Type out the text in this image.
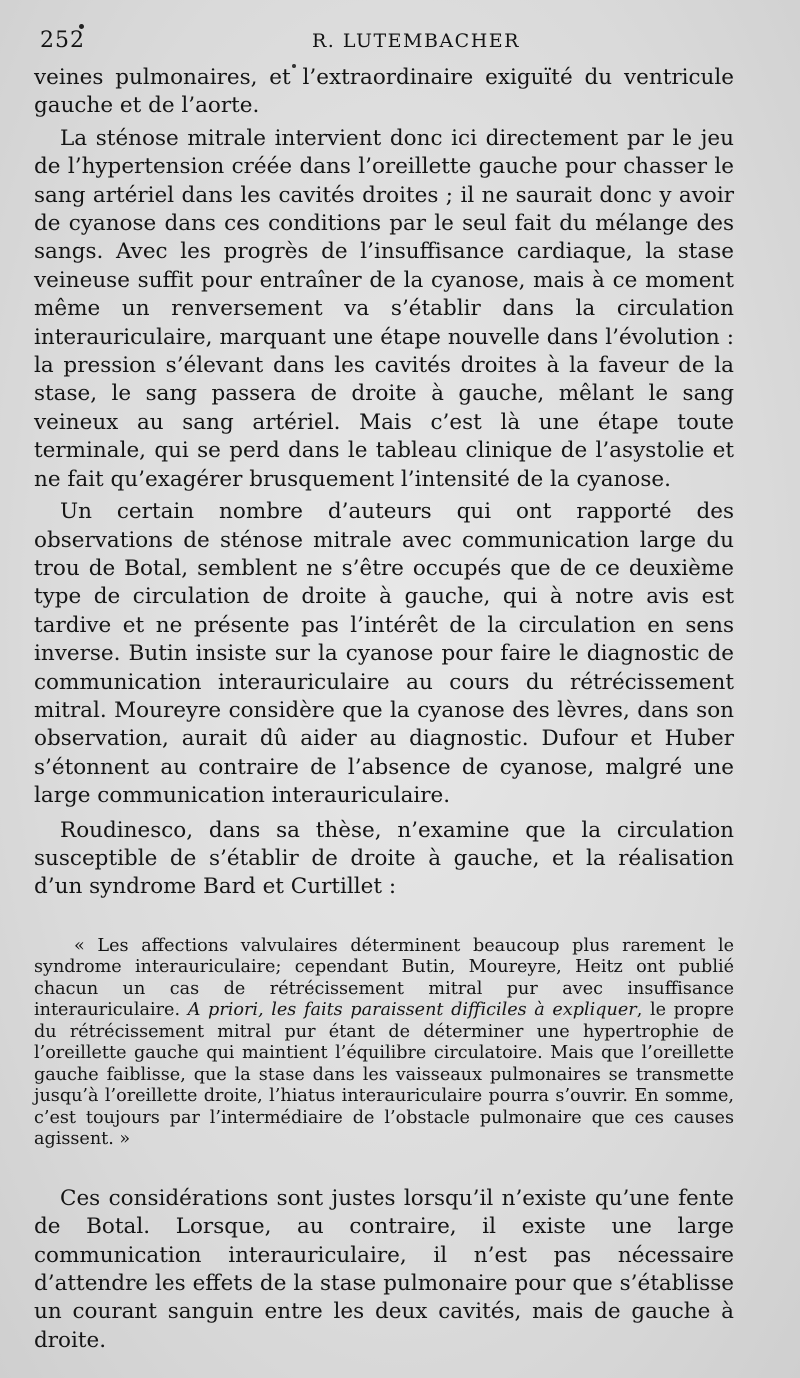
252	R. LUTEMBACHER

veines pulmonaires, et l’extraordinaire exiguïté du ventricule gauche et de l’aorte.

La sténose mitrale intervient donc ici directement par le jeu de l’hypertension créée dans l’oreillette gauche pour chasser le sang artériel dans les cavités droites ; il ne saurait donc y avoir de cyanose dans ces conditions par le seul fait du mélange des sangs. Avec les progrès de l’insuffisance cardiaque, la stase veineuse suffit pour entraîner de la cyanose, mais à ce moment même un renversement va s’établir dans la circulation interauriculaire, marquant une étape nouvelle dans l’évolution : la pression s’élevant dans les cavités droites à la faveur de la stase, le sang passera de droite à gauche, mêlant le sang veineux au sang artériel. Mais c’est là une étape toute terminale, qui se perd dans le tableau clinique de l’asystolie et ne fait qu’exagérer brusquement l’intensité de la cyanose.

Un certain nombre d’auteurs qui ont rapporté des observations de sténose mitrale avec communication large du trou de Botal, semblent ne s’être occupés que de ce deuxième type de circulation de droite à gauche, qui à notre avis est tardive et ne présente pas l’intérêt de la circulation en sens inverse. Butin insiste sur la cyanose pour faire le diagnostic de communication interauriculaire au cours du rétrécissement mitral. Moureyre considère que la cyanose des lèvres, dans son observation, aurait dû aider au diagnostic. Dufour et Huber s’étonnent au contraire de l’absence de cyanose, malgré une large communication interauriculaire.

Roudinesco, dans sa thèse, n’examine que la circulation susceptible de s’établir de droite à gauche, et la réalisation d’un syndrome Bard et Curtillet :

« Les affections valvulaires déterminent beaucoup plus rarement le syndrome interauriculaire; cependant Butin, Moureyre, Heitz ont publié chacun un cas de rétrécissement mitral pur avec insuffisance interauriculaire. A priori, les faits paraissent difficiles à expliquer, le propre du rétrécissement mitral pur étant de déterminer une hypertrophie de l’oreillette gauche qui maintient l’équilibre circulatoire. Mais que l’oreillette gauche faiblisse, que la stase dans les vaisseaux pulmonaires se transmette jusqu’à l’oreillette droite, l’hiatus interauriculaire pourra s’ouvrir. En somme, c’est toujours par l’intermédiaire de l’obstacle pulmonaire que ces causes agissent. »

Ces considérations sont justes lorsqu’il n’existe qu’une fente de Botal. Lorsque, au contraire, il existe une large communication interauriculaire, il n’est pas nécessaire d’attendre les effets de la stase pulmonaire pour que s’établisse un courant sanguin entre les deux cavités, mais de gauche à droite.
